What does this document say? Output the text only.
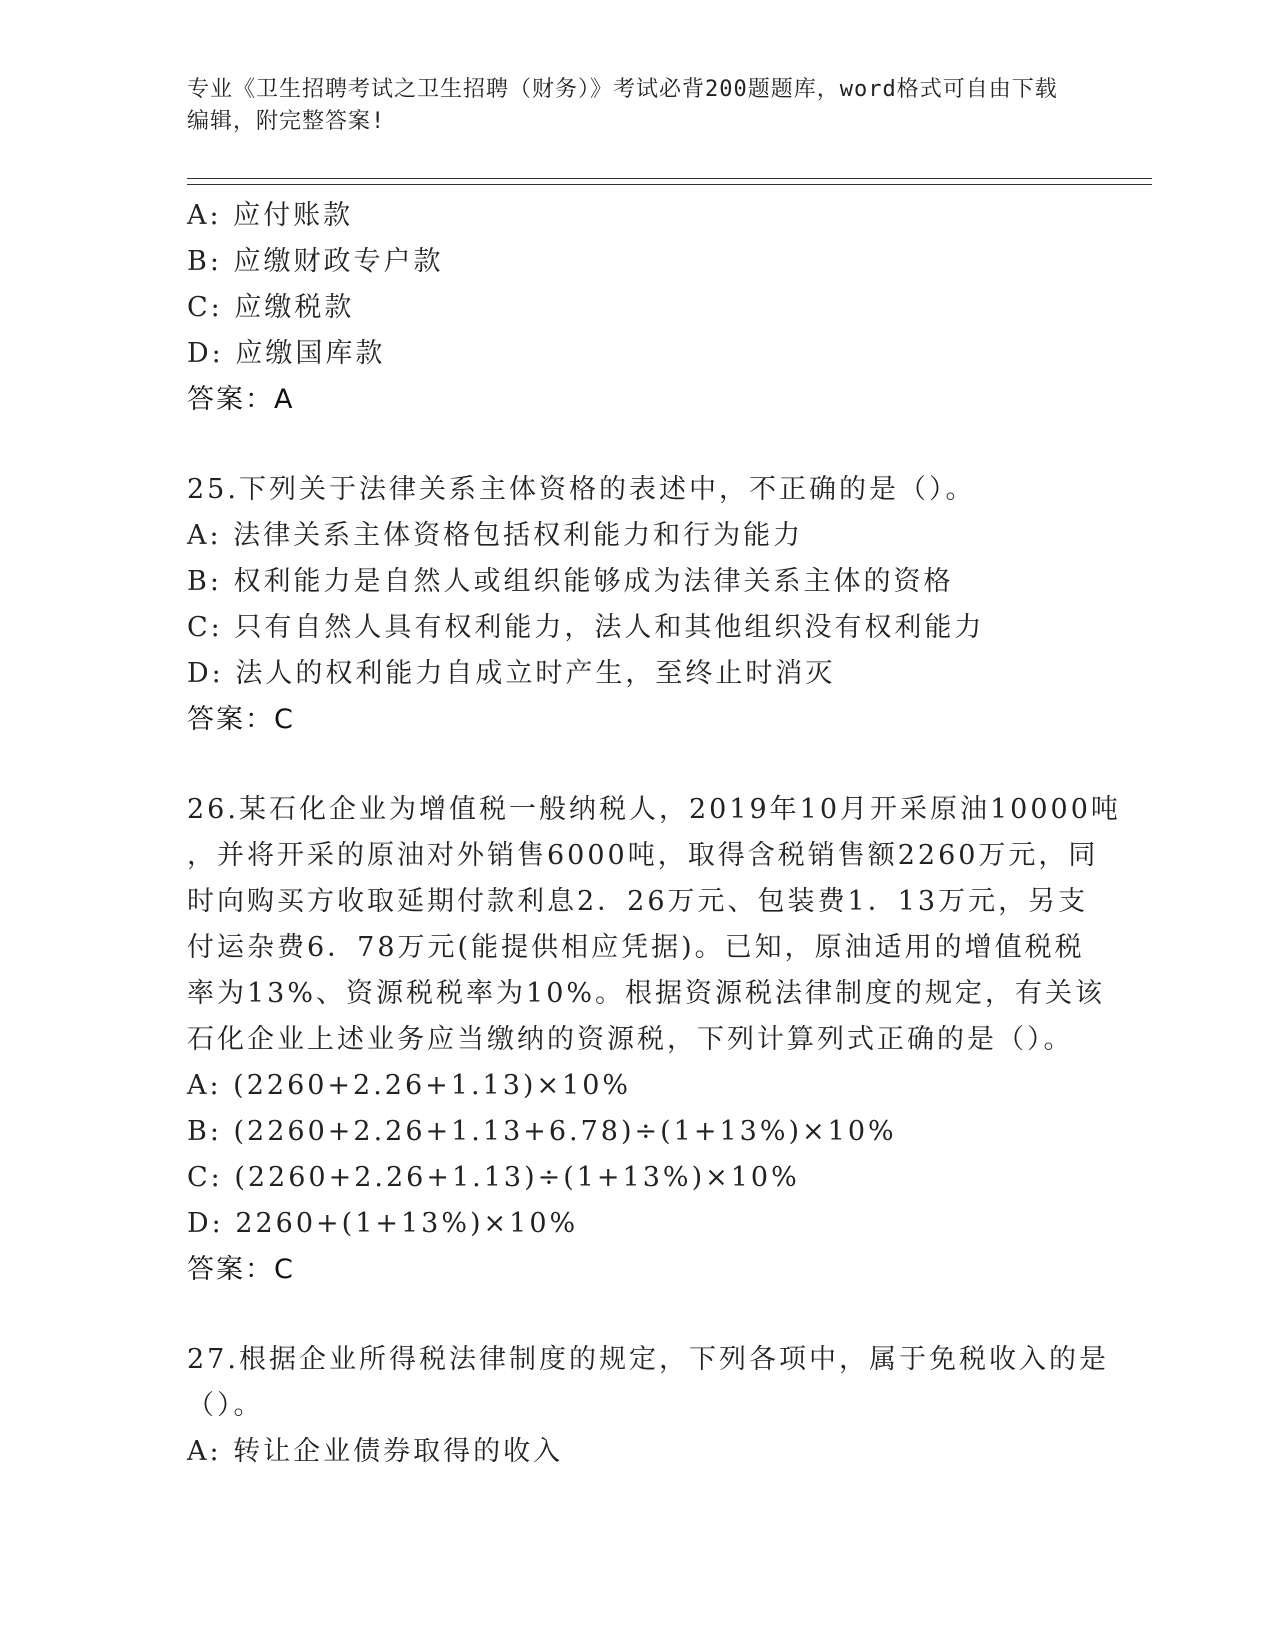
专业《卫生招聘考试之卫生招聘（财务）》考试必背200题题库，word格式可自由下载编辑，附完整答案!
A: 应付账款
B: 应缴财政专户款
C: 应缴税款
D: 应缴国库款
答案：A
25.下列关于法律关系主体资格的表述中，不正确的是（）。
A: 法律关系主体资格包括权利能力和行为能力
B: 权利能力是自然人或组织能够成为法律关系主体的资格
C: 只有自然人具有权利能力，法人和其他组织没有权利能力
D: 法人的权利能力自成立时产生，至终止时消灭
答案：C
26.某石化企业为增值税一般纳税人，2019年10月开采原油10000吨
，并将开采的原油对外销售6000吨，取得含税销售额2260万元，同
时向购买方收取延期付款利息2．26万元、包装费1．13万元，另支
付运杂费6．78万元(能提供相应凭据)。已知，原油适用的增值税税
率为13%、资源税税率为10%。根据资源税法律制度的规定，有关该
石化企业上述业务应当缴纳的资源税，下列计算列式正确的是（）。
A: (2260+2.26+1.13)×10%
B: (2260+2.26+1.13+6.78)÷(1+13%)×10%
C: (2260+2.26+1.13)÷(1+13%)×10%
D: 2260+(1+13%)×10%
答案：C
27.根据企业所得税法律制度的规定，下列各项中，属于免税收入的是
（）。
A: 转让企业债券取得的收入
